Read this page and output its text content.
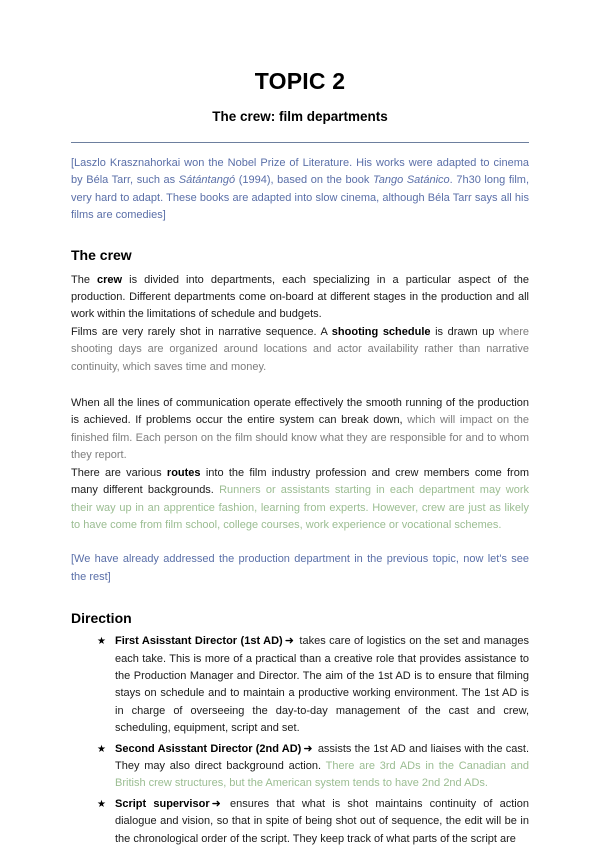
TOPIC 2
The crew: film departments

[Laszlo Krasznahorkai won the Nobel Prize of Literature. His works were adapted to cinema by Béla Tarr, such as Sátántangó (1994), based on the book Tango Satánico. 7h30 long film, very hard to adapt. These books are adapted into slow cinema, although Béla Tarr says all his films are comedies]

The crew

The crew is divided into departments, each specializing in a particular aspect of the production. Different departments come on-board at different stages in the production and all work within the limitations of schedule and budgets.

Films are very rarely shot in narrative sequence. A shooting schedule is drawn up where shooting days are organized around locations and actor availability rather than narrative continuity, which saves time and money.

When all the lines of communication operate effectively the smooth running of the production is achieved. If problems occur the entire system can break down, which will impact on the finished film. Each person on the film should know what they are responsible for and to whom they report.

There are various routes into the film industry profession and crew members come from many different backgrounds. Runners or assistants starting in each department may work their way up in an apprentice fashion, learning from experts. However, crew are just as likely to have come from film school, college courses, work experience or vocational schemes.

[We have already addressed the production department in the previous topic, now let's see the rest]

Direction
★ First Asisstant Director (1st AD) ➜ takes care of logistics on the set and manages each take. This is more of a practical than a creative role that provides assistance to the Production Manager and Director. The aim of the 1st AD is to ensure that filming stays on schedule and to maintain a productive working environment. The 1st AD is in charge of overseeing the day-to-day management of the cast and crew, scheduling, equipment, script and set.
★ Second Asisstant Director (2nd AD) ➜ assists the 1st AD and liaises with the cast. They may also direct background action. There are 3rd ADs in the Canadian and British crew structures, but the American system tends to have 2nd 2nd ADs.
★ Script supervisor ➜ ensures that what is shot maintains continuity of action dialogue and vision, so that in spite of being shot out of sequence, the edit will be in the chronological order of the script. They keep track of what parts of the script are
